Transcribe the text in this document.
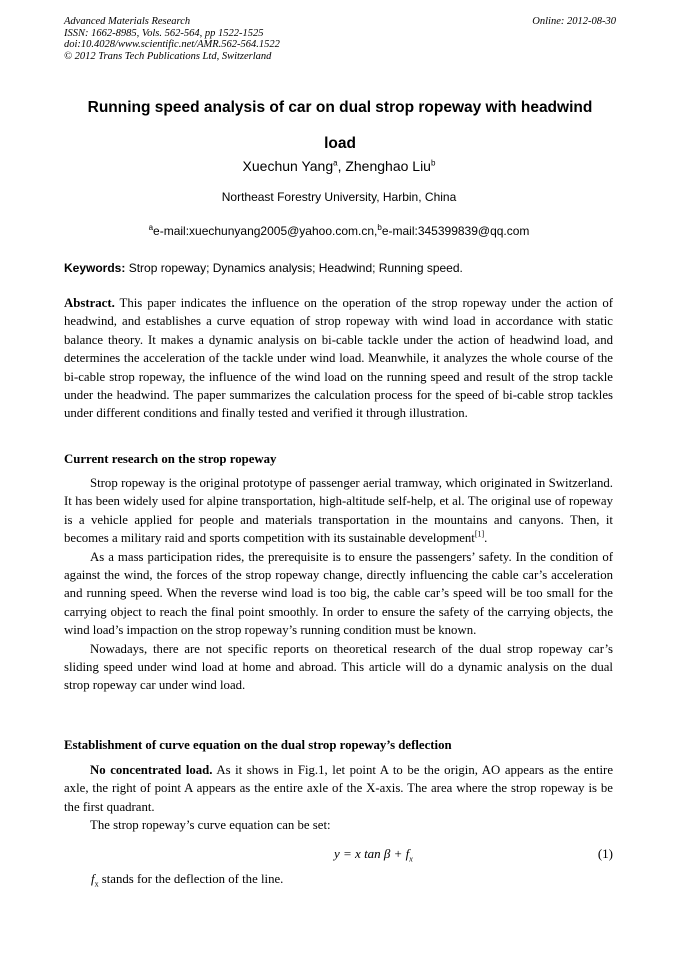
Advanced Materials Research
ISSN: 1662-8985, Vols. 562-564, pp 1522-1525
doi:10.4028/www.scientific.net/AMR.562-564.1522
© 2012 Trans Tech Publications Ltd, Switzerland
Online: 2012-08-30
Running speed analysis of car on dual strop ropeway with headwind
load
Xuechun Yang$^a$, Zhenghao Liu$^b$
Northeast Forestry University, Harbin, China
$^a$e-mail:xuechunyang2005@yahoo.com.cn,$^b$e-mail:345399839@qq.com
Keywords: Strop ropeway; Dynamics analysis; Headwind; Running speed.

Abstract. This paper indicates the influence on the operation of the strop ropeway under the action of headwind, and establishes a curve equation of strop ropeway with wind load in accordance with static balance theory. It makes a dynamic analysis on bi-cable tackle under the action of headwind load, and determines the acceleration of the tackle under wind load. Meanwhile, it analyzes the whole course of the bi-cable strop ropeway, the influence of the wind load on the running speed and result of the strop tackle under the headwind. The paper summarizes the calculation process for the speed of bi-cable strop tackles under different conditions and finally tested and verified it through illustration.

Current research on the strop ropeway

Strop ropeway is the original prototype of passenger aerial tramway, which originated in Switzerland. It has been widely used for alpine transportation, high-altitude self-help, et al. The original use of ropeway is a vehicle applied for people and materials transportation in the mountains and canyons. Then, it becomes a military raid and sports competition with its sustainable development[1].

As a mass participation rides, the prerequisite is to ensure the passengers’ safety. In the condition of against the wind, the forces of the strop ropeway change, directly influencing the cable car’s acceleration and running speed. When the reverse wind load is too big, the cable car’s speed will be too small for the carrying object to reach the final point smoothly. In order to ensure the safety of the carrying objects, the wind load’s impaction on the strop ropeway’s running condition must be known.

Nowadays, there are not specific reports on theoretical research of the dual strop ropeway car’s sliding speed under wind load at home and abroad. This article will do a dynamic analysis on the dual strop ropeway car under wind load.

Establishment of curve equation on the dual strop ropeway’s deflection

No concentrated load. As it shows in Fig.1, let point A to be the origin, AO appears as the entire axle, the right of point A appears as the entire axle of the X-axis. The area where the strop ropeway is be the first quadrant.

The strop ropeway’s curve equation can be set:

y = x $\tan \beta + f_x$	(1)
$f_x$ stands for the deflection of the line.
